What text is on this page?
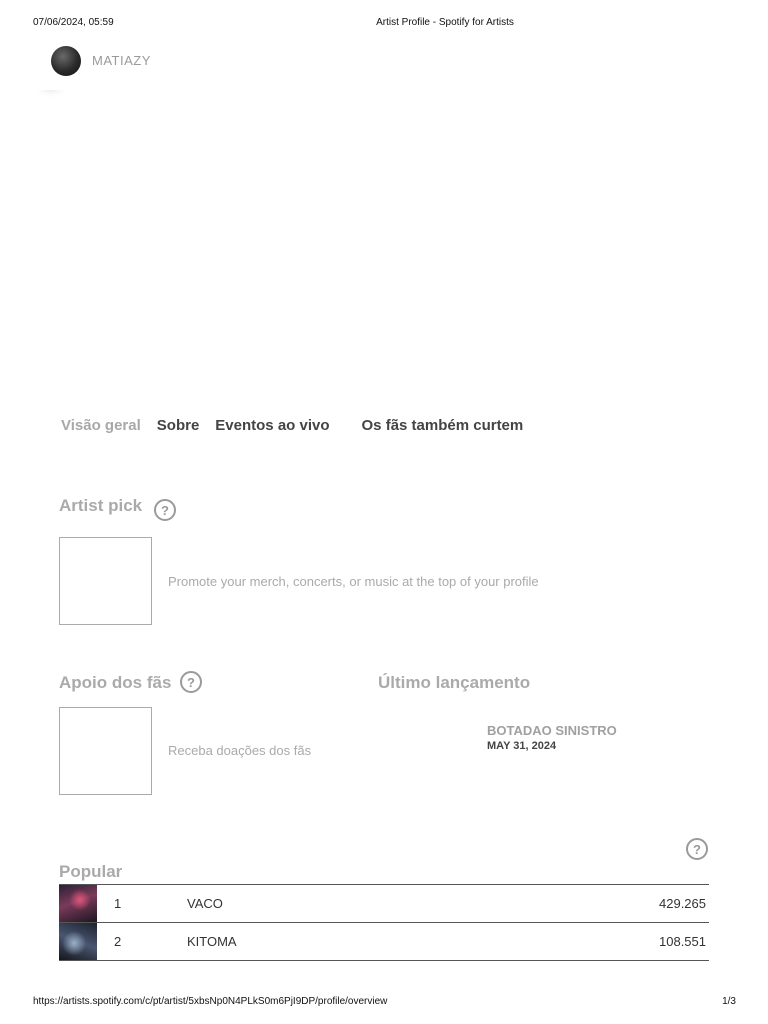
07/06/2024, 05:59	Artist Profile - Spotify for Artists
MATIAZY
Visão geral Sobre Eventos ao vivo Os fãs também curtem
Artist pick	?
Promote your merch, concerts, or music at the top of your profile
Apoio dos fãs	?
Receba doações dos fãs
Último lançamento
BOTADAO SINISTRO
MAY 31, 2024
?
Popular
1	VACO	429.265
2	KITOMA	108.551
https://artists.spotify.com/c/pt/artist/5xbsNp0N4PLkS0m6PjI9DP/profile/overview	1/3
